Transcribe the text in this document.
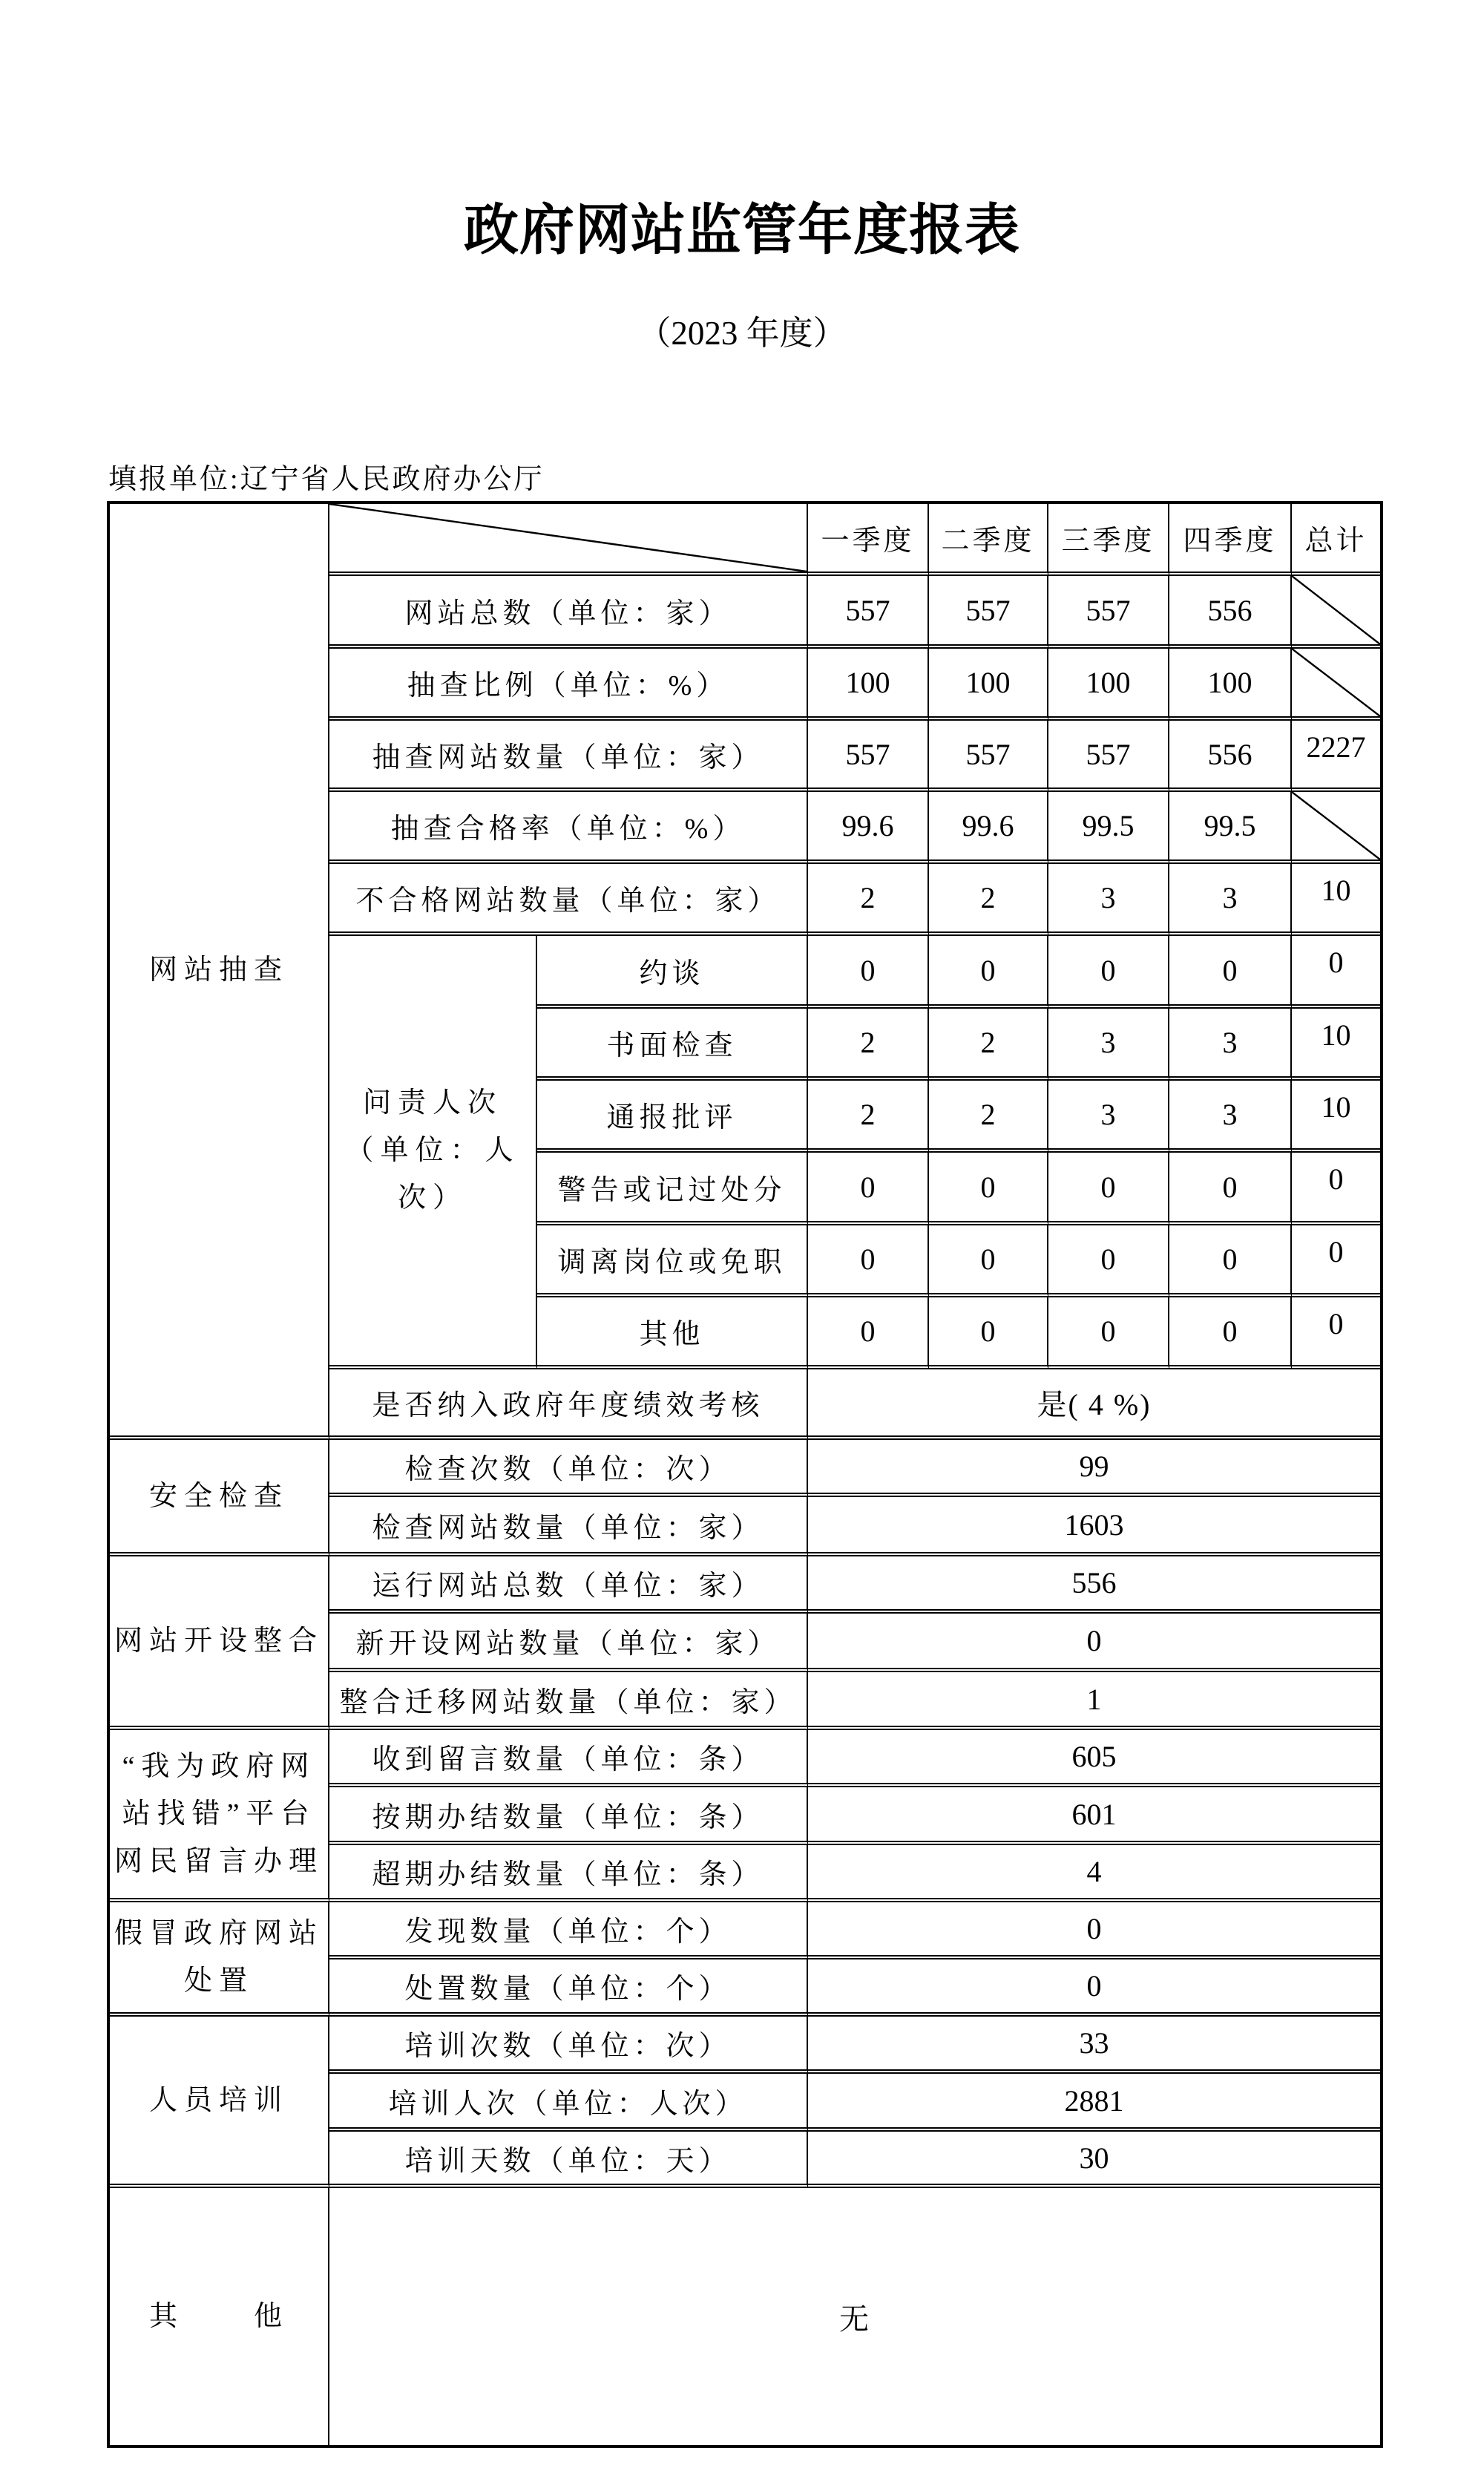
政府网站监管年度报表
（2023 年度）
填报单位:辽宁省人民政府办公厅
网站抽查
一季度 二季度 三季度 四季度 总计
网站总数（单位：家）	557	557	557	556
抽查比例（单位：%）	100	100	100	100
抽查网站数量（单位：家）	557	557	557	556	2227
抽查合格率（单位：%）	99.6	99.6	99.5	99.5
不合格网站数量（单位：家）	2	2	3	3	10
问责人次
（单位：人
次）
约谈	0	0	0	0	0
书面检查	2	2	3	3	10
通报批评	2	2	3	3	10
警告或记过处分	0	0	0	0	0
调离岗位或免职	0	0	0	0	0
其他	0	0	0	0	0
是否纳入政府年度绩效考核	是( 4 %)
安全检查
检查次数（单位：次）	99
检查网站数量（单位：家）	1603
网站开设整合
运行网站总数（单位：家）	556
新开设网站数量（单位：家）	0
整合迁移网站数量（单位：家）	1
“我为政府网
站找错”平台
网民留言办理
收到留言数量（单位：条）	605
按期办结数量（单位：条）	601
超期办结数量（单位：条）	4
假冒政府网站
处置
发现数量（单位：个）	0
处置数量（单位：个）	0
人员培训
培训次数（单位：次）	33
培训人次（单位：人次）	2881
培训天数（单位：天）	30
其　　他	无
